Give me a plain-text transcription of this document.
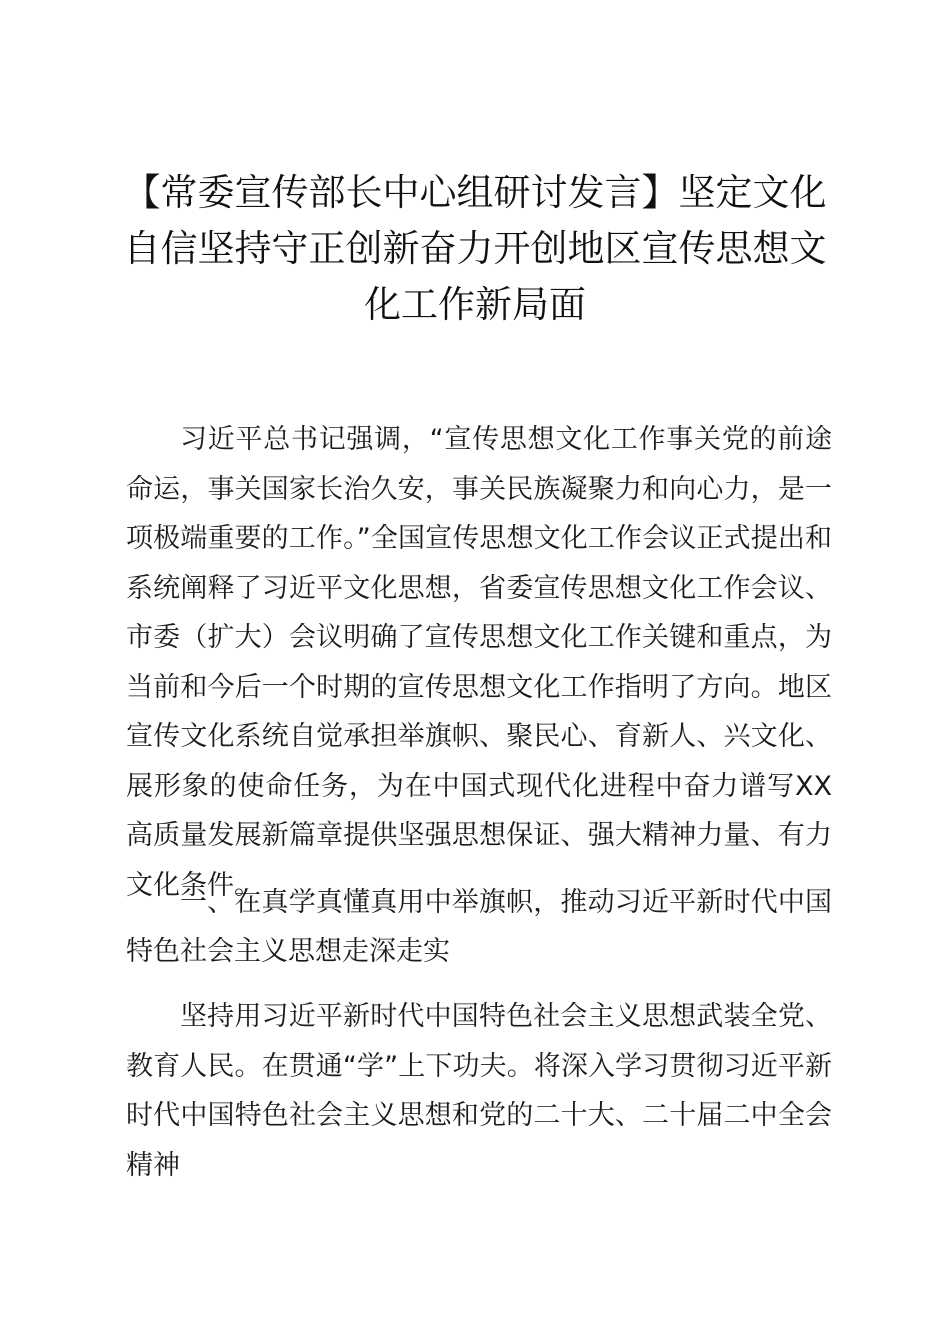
【常委宣传部长中心组研讨发言】坚定文化自信坚持守正创新奋力开创地区宣传思想文化工作新局面

习近平总书记强调，“宣传思想文化工作事关党的前途命运，事关国家长治久安，事关民族凝聚力和向心力，是一项极端重要的工作。”全国宣传思想文化工作会议正式提出和系统阐释了习近平文化思想，省委宣传思想文化工作会议、市委（扩大）会议明确了宣传思想文化工作关键和重点，为当前和今后一个时期的宣传思想文化工作指明了方向。地区宣传文化系统自觉承担举旗帜、聚民心、育新人、兴文化、展形象的使命任务，为在中国式现代化进程中奋力谱写XX高质量发展新篇章提供坚强思想保证、强大精神力量、有力文化条件。

一、在真学真懂真用中举旗帜，推动习近平新时代中国特色社会主义思想走深走实

坚持用习近平新时代中国特色社会主义思想武装全党、教育人民。在贯通“学”上下功夫。将深入学习贯彻习近平新时代中国特色社会主义思想和党的二十大、二十届二中全会精神
